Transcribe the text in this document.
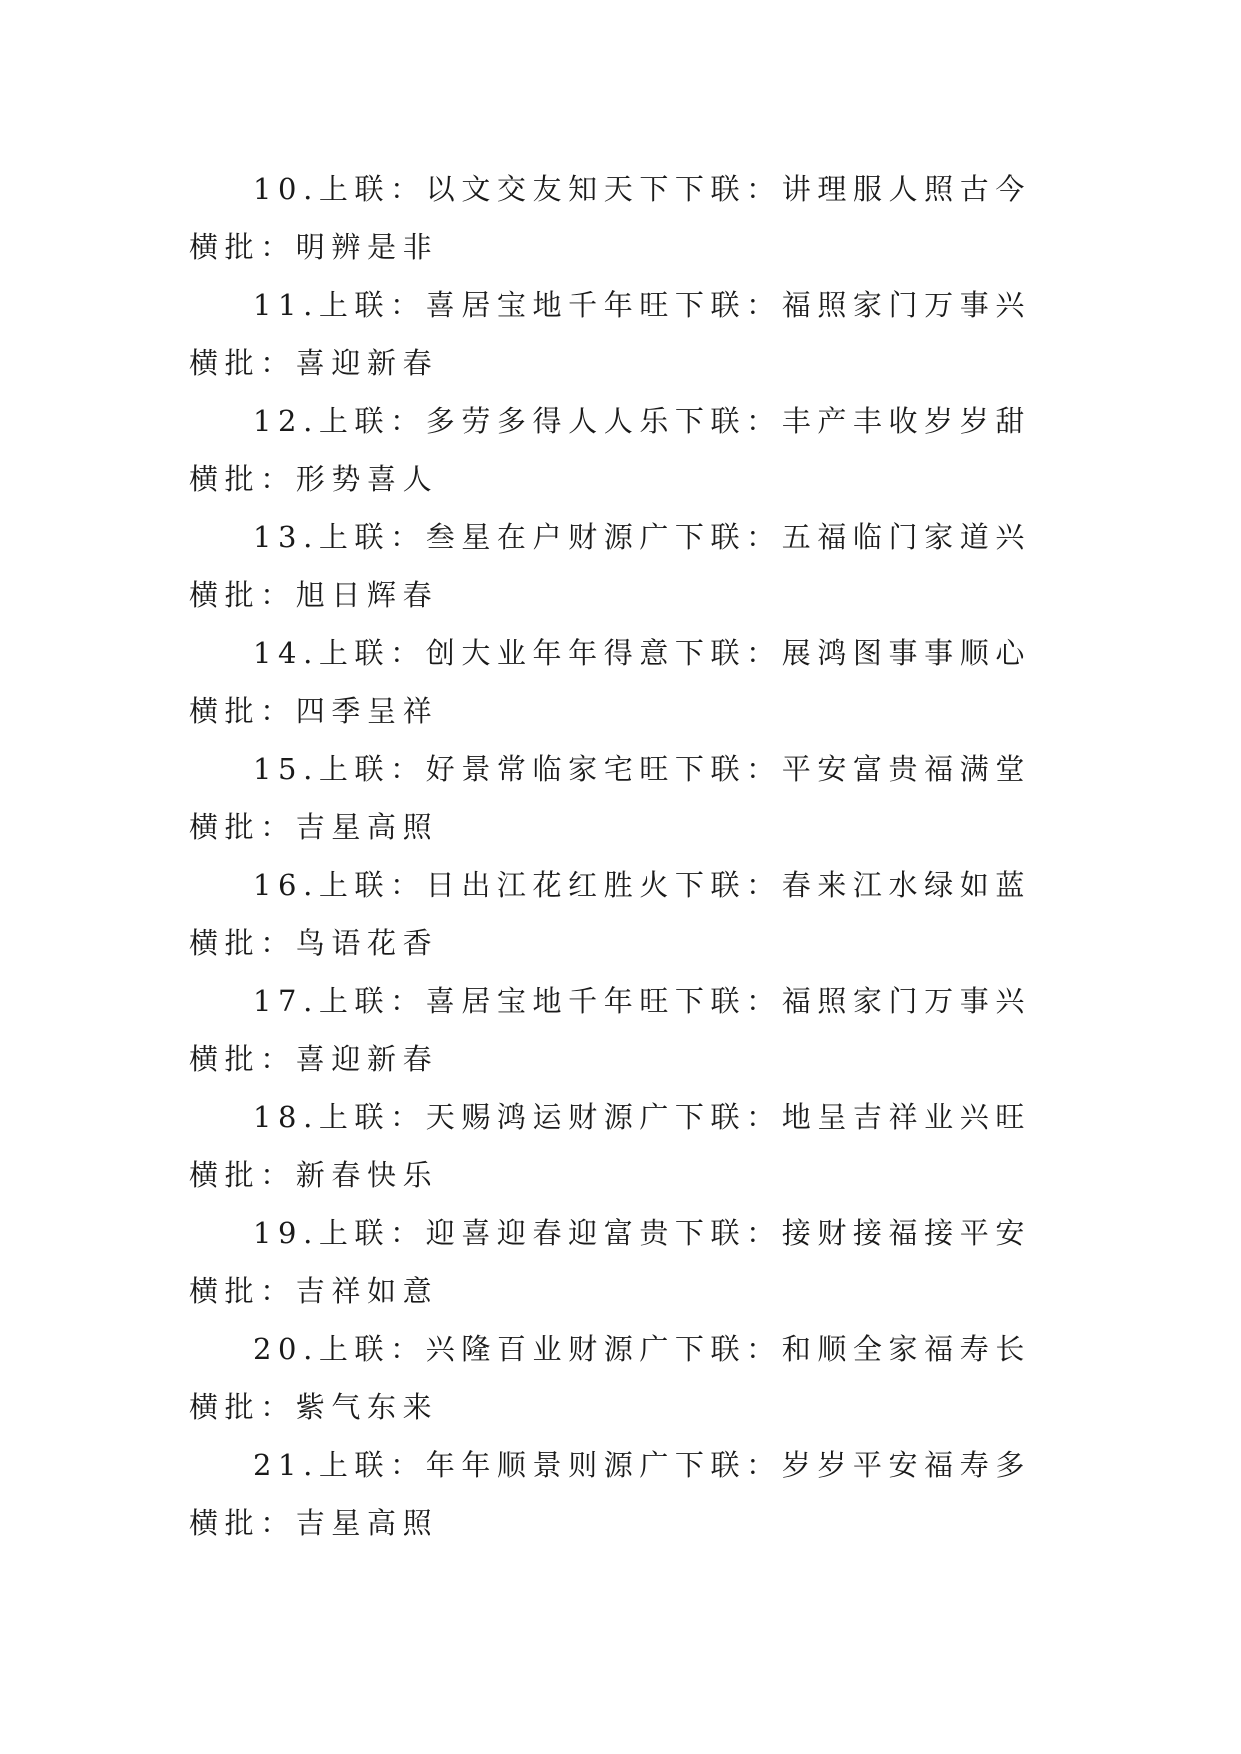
10.上联：以文交友知天下下联：讲理服人照古今横批：明辨是非

11.上联：喜居宝地千年旺下联：福照家门万事兴横批：喜迎新春

12.上联：多劳多得人人乐下联：丰产丰收岁岁甜横批：形势喜人

13.上联：叁星在户财源广下联：五福临门家道兴横批：旭日辉春

14.上联：创大业年年得意下联：展鸿图事事顺心横批：四季呈祥

15.上联：好景常临家宅旺下联：平安富贵福满堂横批：吉星高照

16.上联：日出江花红胜火下联：春来江水绿如蓝横批：鸟语花香

17.上联：喜居宝地千年旺下联：福照家门万事兴横批：喜迎新春

18.上联：天赐鸿运财源广下联：地呈吉祥业兴旺横批：新春快乐

19.上联：迎喜迎春迎富贵下联：接财接福接平安横批：吉祥如意

20.上联：兴隆百业财源广下联：和顺全家福寿长横批：紫气东来

21.上联：年年顺景则源广下联：岁岁平安福寿多横批：吉星高照
